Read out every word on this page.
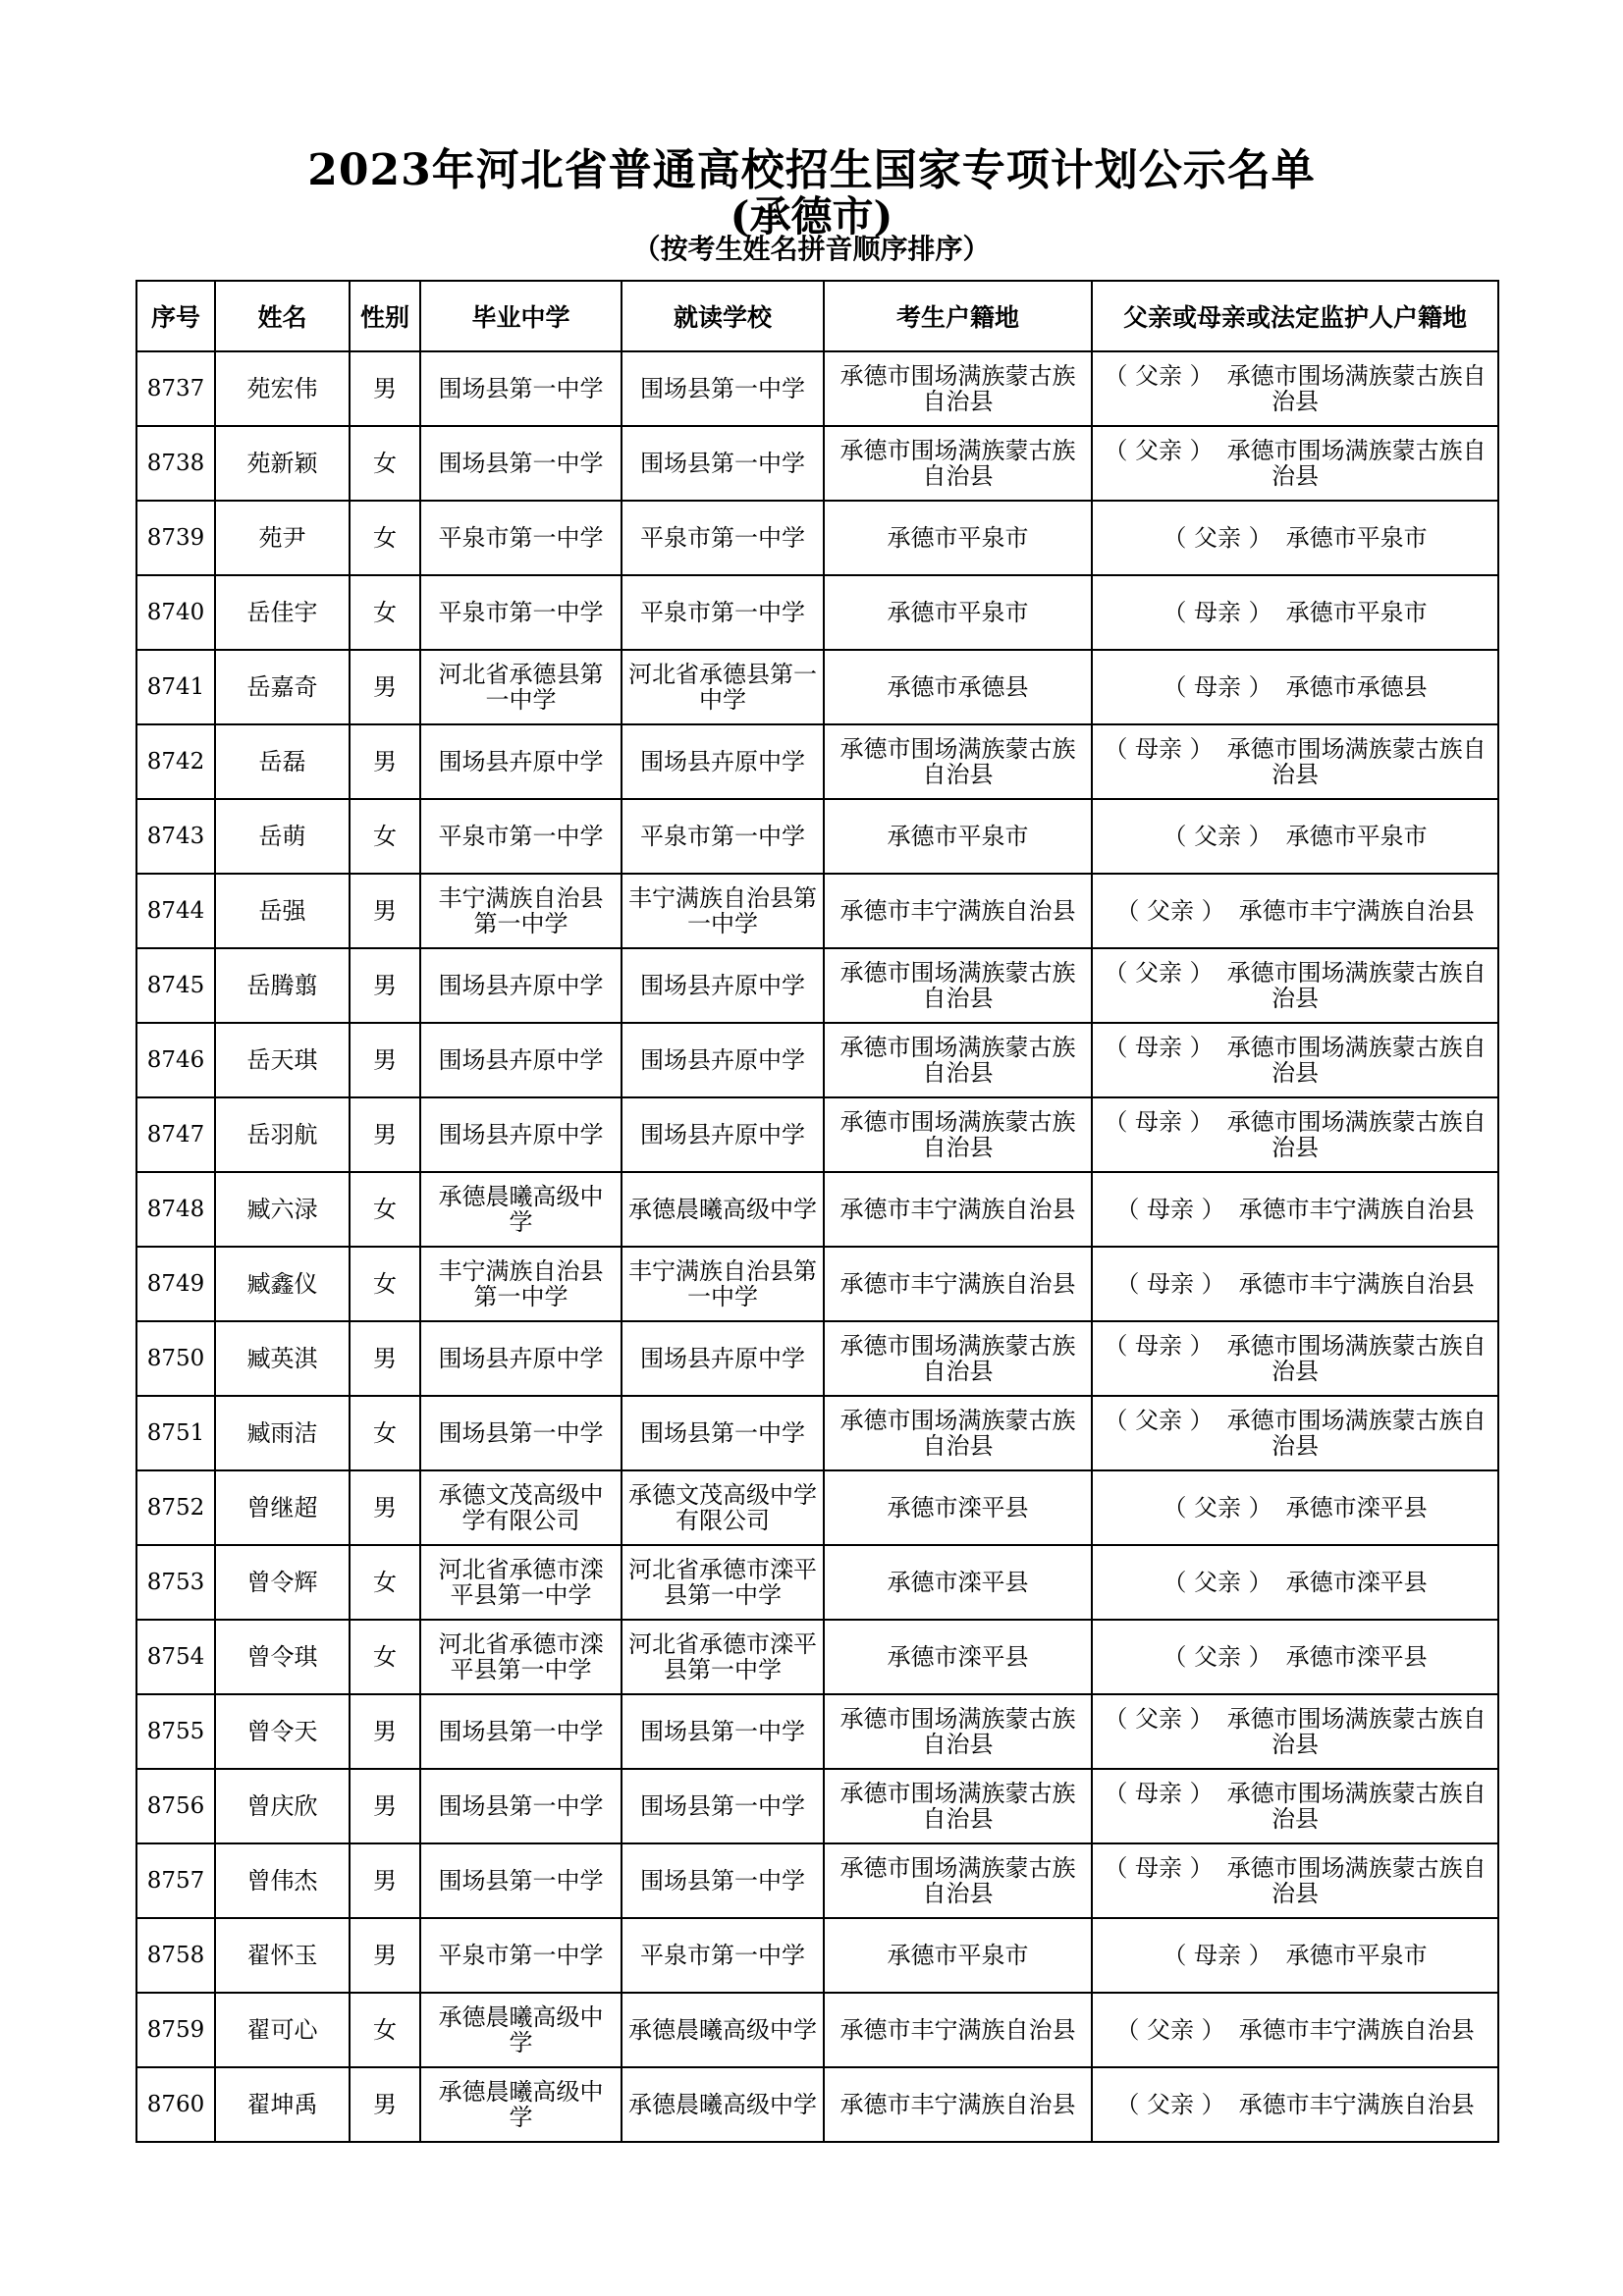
2023年河北省普通高校招生国家专项计划公示名单
(承德市)
（按考生姓名拼音顺序排序）
序号	姓名	性别	毕业中学	就读学校	考生户籍地	父亲或母亲或法定监护人户籍地
8737	苑宏伟	男	围场县第一中学	围场县第一中学	承德市围场满族蒙古族自治县	（ 父亲 ） 承德市围场满族蒙古族自治县
8738	苑新颖	女	围场县第一中学	围场县第一中学	承德市围场满族蒙古族自治县	（ 父亲 ） 承德市围场满族蒙古族自治县
8739	苑尹	女	平泉市第一中学	平泉市第一中学	承德市平泉市	（ 父亲 ） 承德市平泉市
8740	岳佳宇	女	平泉市第一中学	平泉市第一中学	承德市平泉市	（ 母亲 ） 承德市平泉市
8741	岳嘉奇	男	河北省承德县第一中学	河北省承德县第一中学	承德市承德县	（ 母亲 ） 承德市承德县
8742	岳磊	男	围场县卉原中学	围场县卉原中学	承德市围场满族蒙古族自治县	（ 母亲 ） 承德市围场满族蒙古族自治县
8743	岳萌	女	平泉市第一中学	平泉市第一中学	承德市平泉市	（ 父亲 ） 承德市平泉市
8744	岳强	男	丰宁满族自治县第一中学	丰宁满族自治县第一中学	承德市丰宁满族自治县	（ 父亲 ） 承德市丰宁满族自治县
8745	岳腾翦	男	围场县卉原中学	围场县卉原中学	承德市围场满族蒙古族自治县	（ 父亲 ） 承德市围场满族蒙古族自治县
8746	岳天琪	男	围场县卉原中学	围场县卉原中学	承德市围场满族蒙古族自治县	（ 母亲 ） 承德市围场满族蒙古族自治县
8747	岳羽航	男	围场县卉原中学	围场县卉原中学	承德市围场满族蒙古族自治县	（ 母亲 ） 承德市围场满族蒙古族自治县
8748	臧六渌	女	承德晨曦高级中学	承德晨曦高级中学	承德市丰宁满族自治县	（ 母亲 ） 承德市丰宁满族自治县
8749	臧鑫仪	女	丰宁满族自治县第一中学	丰宁满族自治县第一中学	承德市丰宁满族自治县	（ 母亲 ） 承德市丰宁满族自治县
8750	臧英淇	男	围场县卉原中学	围场县卉原中学	承德市围场满族蒙古族自治县	（ 母亲 ） 承德市围场满族蒙古族自治县
8751	臧雨洁	女	围场县第一中学	围场县第一中学	承德市围场满族蒙古族自治县	（ 父亲 ） 承德市围场满族蒙古族自治县
8752	曾继超	男	承德文茂高级中学有限公司	承德文茂高级中学有限公司	承德市滦平县	（ 父亲 ） 承德市滦平县
8753	曾令辉	女	河北省承德市滦平县第一中学	河北省承德市滦平县第一中学	承德市滦平县	（ 父亲 ） 承德市滦平县
8754	曾令琪	女	河北省承德市滦平县第一中学	河北省承德市滦平县第一中学	承德市滦平县	（ 父亲 ） 承德市滦平县
8755	曾令天	男	围场县第一中学	围场县第一中学	承德市围场满族蒙古族自治县	（ 父亲 ） 承德市围场满族蒙古族自治县
8756	曾庆欣	男	围场县第一中学	围场县第一中学	承德市围场满族蒙古族自治县	（ 母亲 ） 承德市围场满族蒙古族自治县
8757	曾伟杰	男	围场县第一中学	围场县第一中学	承德市围场满族蒙古族自治县	（ 母亲 ） 承德市围场满族蒙古族自治县
8758	翟怀玉	男	平泉市第一中学	平泉市第一中学	承德市平泉市	（ 母亲 ） 承德市平泉市
8759	翟可心	女	承德晨曦高级中学	承德晨曦高级中学	承德市丰宁满族自治县	（ 父亲 ） 承德市丰宁满族自治县
8760	翟坤禹	男	承德晨曦高级中学	承德晨曦高级中学	承德市丰宁满族自治县	（ 父亲 ） 承德市丰宁满族自治县
